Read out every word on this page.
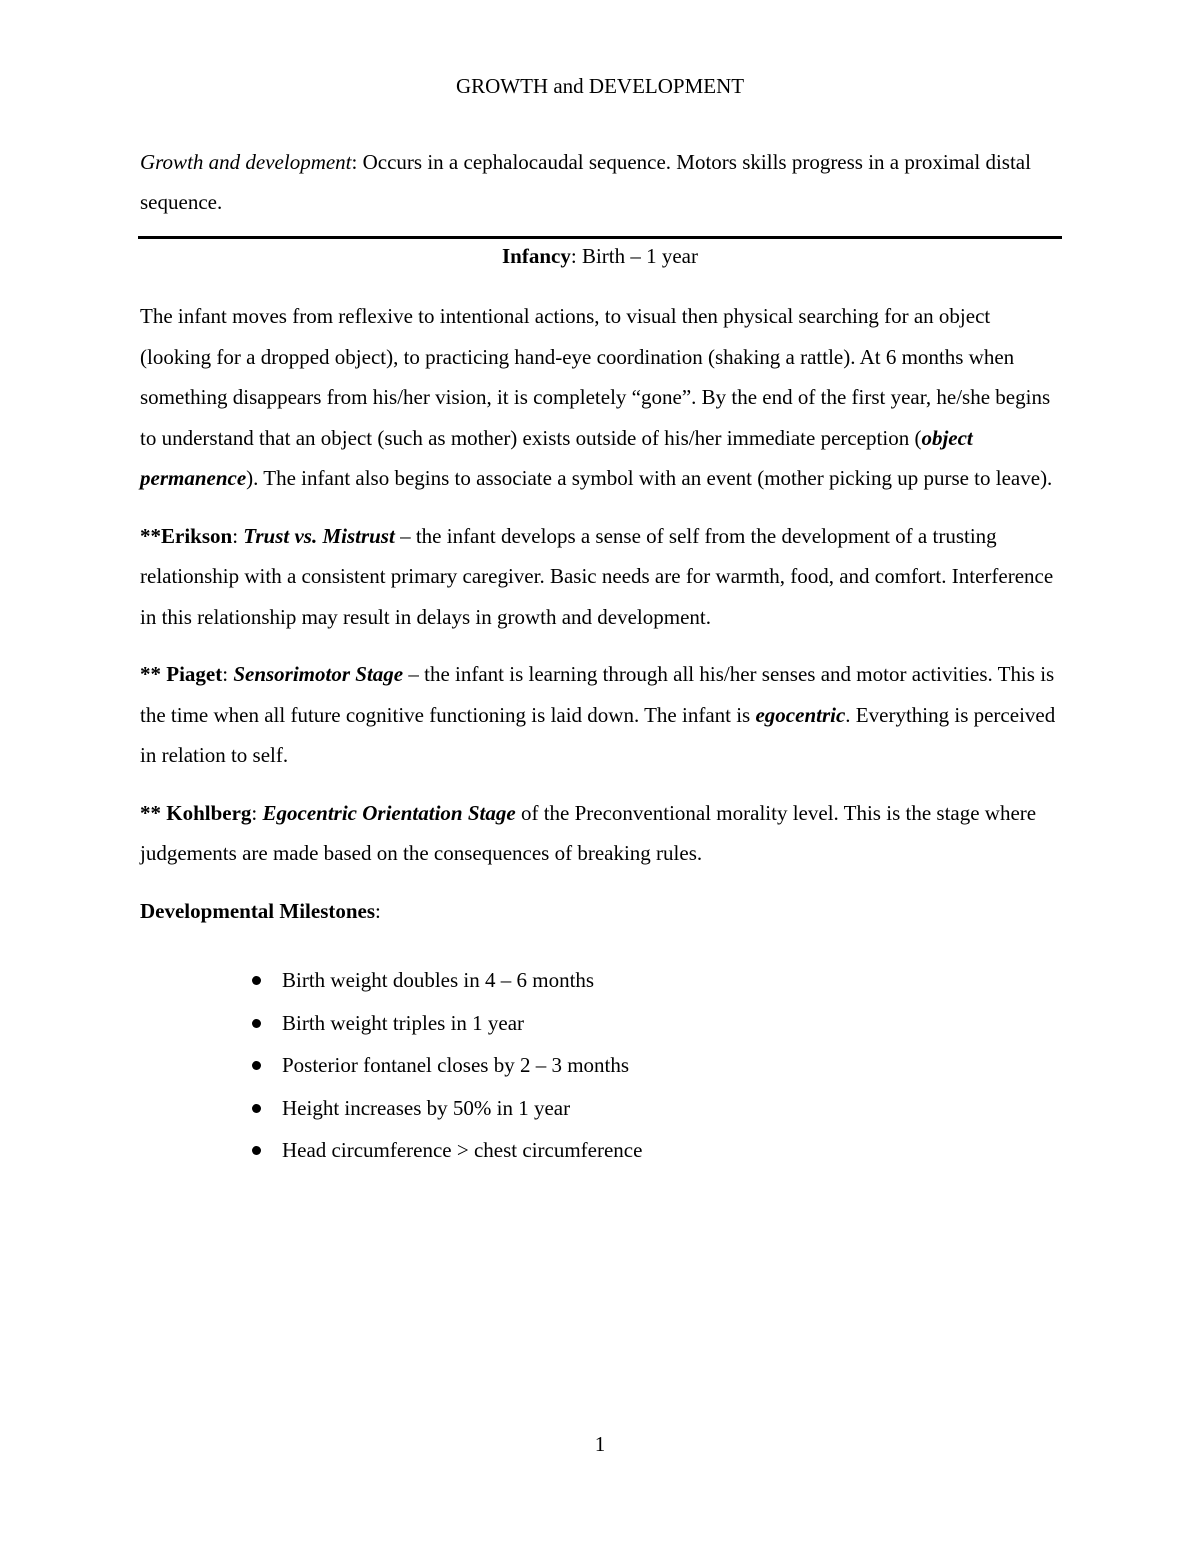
GROWTH and DEVELOPMENT

Growth and development: Occurs in a cephalocaudal sequence. Motors skills progress in a proximal distal sequence.

Infancy: Birth – 1 year

The infant moves from reflexive to intentional actions, to visual then physical searching for an object (looking for a dropped object), to practicing hand-eye coordination (shaking a rattle). At 6 months when something disappears from his/her vision, it is completely “gone”. By the end of the first year, he/she begins to understand that an object (such as mother) exists outside of his/her immediate perception (object permanence). The infant also begins to associate a symbol with an event (mother picking up purse to leave).

**Erikson: Trust vs. Mistrust – the infant develops a sense of self from the development of a trusting relationship with a consistent primary caregiver. Basic needs are for warmth, food, and comfort. Interference in this relationship may result in delays in growth and development.

** Piaget: Sensorimotor Stage – the infant is learning through all his/her senses and motor activities. This is the time when all future cognitive functioning is laid down. The infant is egocentric. Everything is perceived in relation to self.

** Kohlberg: Egocentric Orientation Stage of the Preconventional morality level. This is the stage where judgements are made based on the consequences of breaking rules.

Developmental Milestones:

Birth weight doubles in 4 – 6 months
Birth weight triples in 1 year
Posterior fontanel closes by 2 – 3 months
Height increases by 50% in 1 year
Head circumference > chest circumference
1
